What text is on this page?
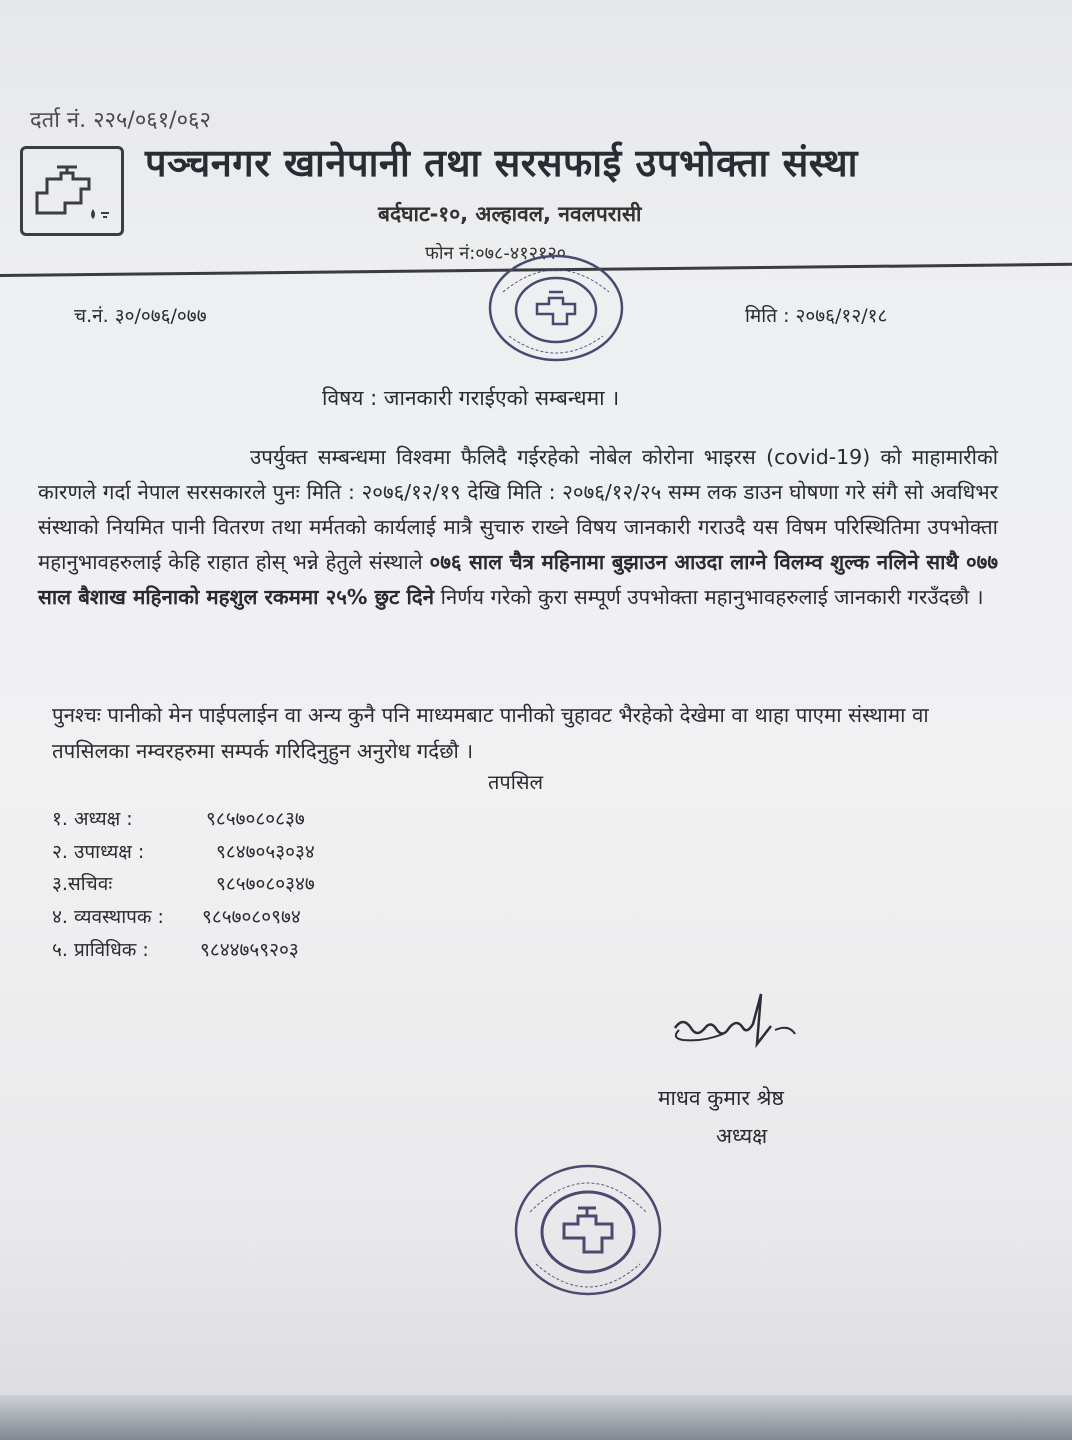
दर्ता नं. २२५/०६१/०६२
पञ्चनगर खानेपानी तथा सरसफाई उपभोक्ता संस्था
बर्दघाट-१०, अल्हावल, नवलपरासी
फोन नं:०७८-४१२१२०
च.नं. ३०/०७६/०७७	मिति : २०७६/१२/१८
विषय : जानकारी गराईएको सम्बन्धमा ।
उपर्युक्त सम्बन्धमा विश्वमा फैलिदै गईरहेको नोबेल कोरोना भाइरस (covid-19) को माहामारीको कारणले गर्दा नेपाल सरसकारले पुनः मिति : २०७६/१२/१९ देखि मिति : २०७६/१२/२५ सम्म लक डाउन घोषणा गरे संगै सो अवधिभर संस्थाको नियमित पानी वितरण तथा मर्मतको कार्यलाई मात्रै सुचारु राख्ने विषय जानकारी गराउदै यस विषम परिस्थितिमा उपभोक्ता महानुभावहरुलाई केहि राहात होस् भन्ने हेतुले संस्थाले ०७६ साल चैत्र महिनामा बुझाउन आउदा लाग्ने विलम्व शुल्क नलिने साथै ०७७ साल बैशाख महिनाको महशुल रकममा २५% छुट दिने निर्णय गरेको कुरा सम्पूर्ण उपभोक्ता महानुभावहरुलाई जानकारी गरउँदछौ ।
पुनश्चः पानीको मेन पाईपलाईन वा अन्य कुनै पनि माध्यमबाट पानीको चुहावट भैरहेको देखेमा वा थाहा पाएमा संस्थामा वा तपसिलका नम्वरहरुमा सम्पर्क गरिदिनुहुन अनुरोध गर्दछौ ।
तपसिल
१. अध्यक्ष :	९८५७०८०८३७
२. उपाध्यक्ष :	९८४७०५३०३४
३.सचिवः	९८५७०८०३४७
४. व्यवस्थापक : ९८५७०८०९७४
५. प्राविधिक :	९८४४७५९२०३
माधव कुमार श्रेष्ठ
अध्यक्ष
